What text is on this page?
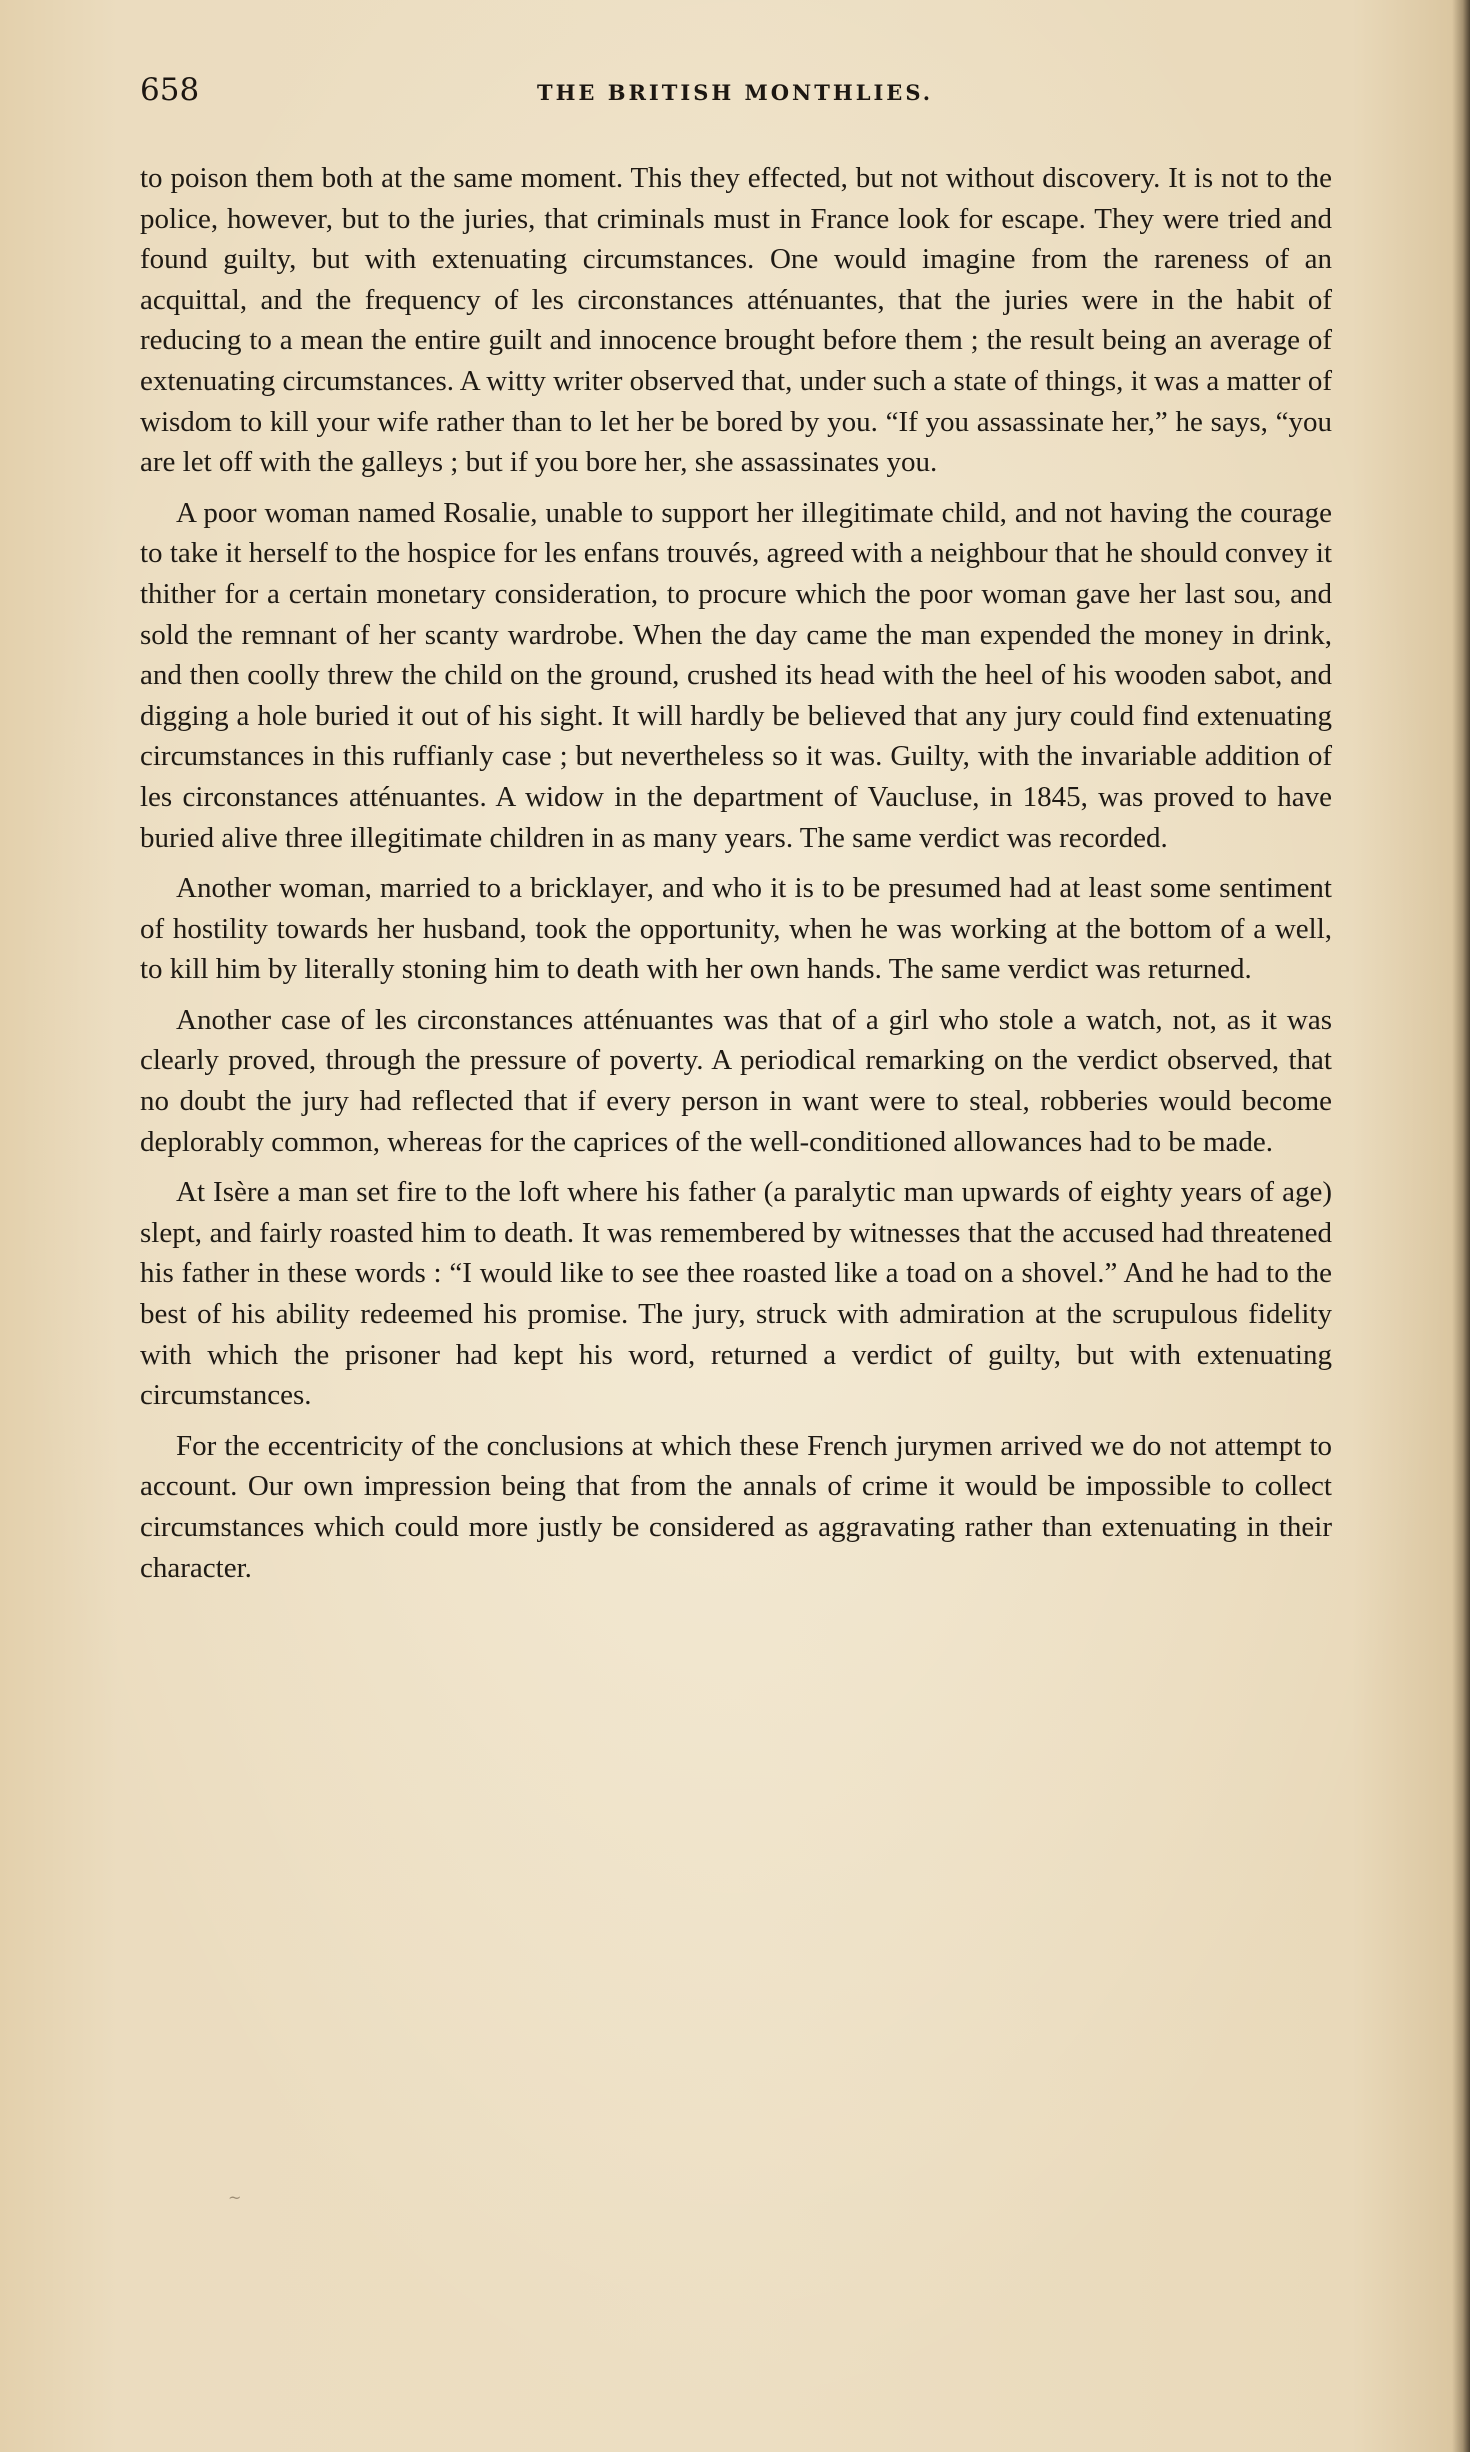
658	THE BRITISH MONTHLIES.

to poison them both at the same moment. This they effected, but not without discovery. It is not to the police, however, but to the juries, that criminals must in France look for escape. They were tried and found guilty, but with extenuating circumstances. One would imagine from the rareness of an acquittal, and the frequency of les circonstances atténuantes, that the juries were in the habit of reducing to a mean the entire guilt and innocence brought before them ; the result being an average of extenuating circumstances. A witty writer observed that, under such a state of things, it was a matter of wisdom to kill your wife rather than to let her be bored by you. “If you assassinate her,” he says, “you are let off with the galleys ; but if you bore her, she assassinates you.

A poor woman named Rosalie, unable to support her illegitimate child, and not having the courage to take it herself to the hospice for les enfans trouvés, agreed with a neighbour that he should convey it thither for a certain monetary consideration, to procure which the poor woman gave her last sou, and sold the remnant of her scanty wardrobe. When the day came the man expended the money in drink, and then coolly threw the child on the ground, crushed its head with the heel of his wooden sabot, and digging a hole buried it out of his sight. It will hardly be believed that any jury could find extenuating circumstances in this ruffianly case ; but nevertheless so it was. Guilty, with the invariable addition of les circonstances atténuantes. A widow in the department of Vaucluse, in 1845, was proved to have buried alive three illegitimate children in as many years. The same verdict was recorded.

Another woman, married to a bricklayer, and who it is to be presumed had at least some sentiment of hostility towards her husband, took the opportunity, when he was working at the bottom of a well, to kill him by literally stoning him to death with her own hands. The same verdict was returned.

Another case of les circonstances atténuantes was that of a girl who stole a watch, not, as it was clearly proved, through the pressure of poverty. A periodical remarking on the verdict observed, that no doubt the jury had reflected that if every person in want were to steal, robberies would become deplorably common, whereas for the caprices of the well-conditioned allowances had to be made.

At Isère a man set fire to the loft where his father (a paralytic man upwards of eighty years of age) slept, and fairly roasted him to death. It was remembered by witnesses that the accused had threatened his father in these words : “I would like to see thee roasted like a toad on a shovel.” And he had to the best of his ability redeemed his promise. The jury, struck with admiration at the scrupulous fidelity with which the prisoner had kept his word, returned a verdict of guilty, but with extenuating circumstances.

For the eccentricity of the conclusions at which these French jurymen arrived we do not attempt to account. Our own impression being that from the annals of crime it would be impossible to collect circumstances which could more justly be considered as aggravating rather than extenuating in their character.

~
